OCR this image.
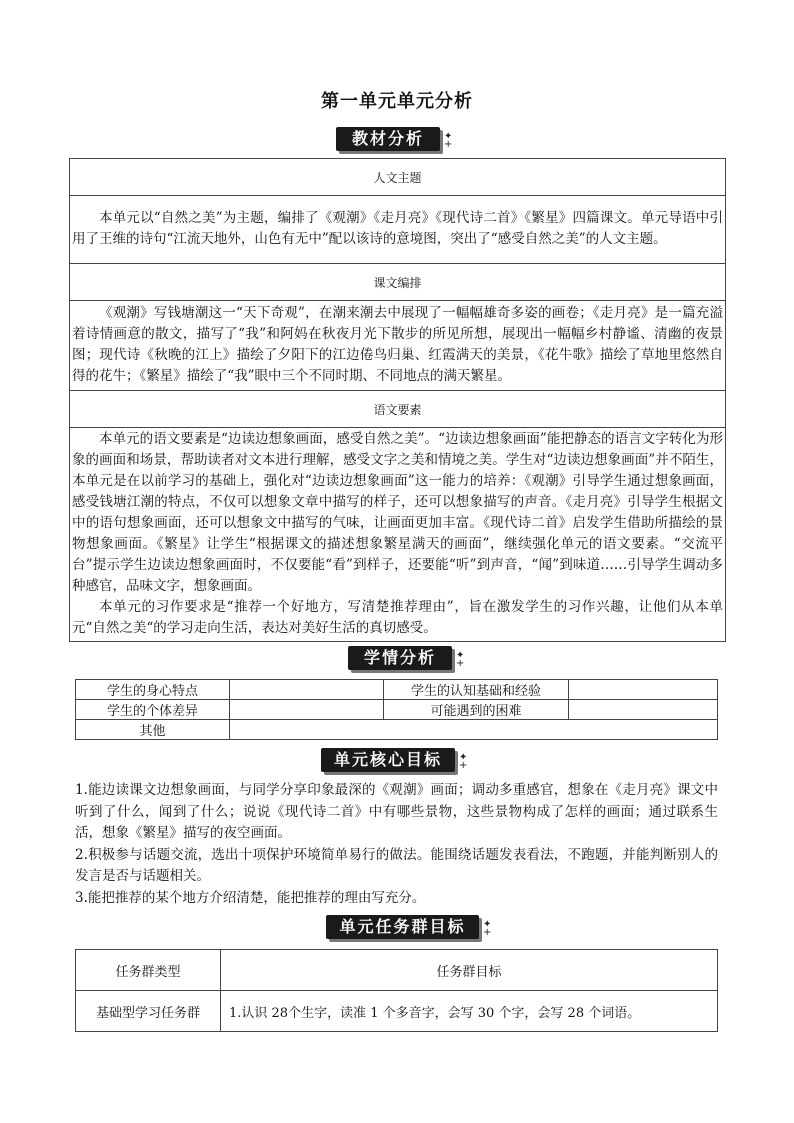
第一单元单元分析
教材分析	✦
+
人文主题

本单元以“自然之美”为主题，编排了《观潮》《走月亮》《现代诗二首》《繁星》四篇课文。单元导语中引用了王维的诗句“江流天地外，山色有无中”配以该诗的意境图，突出了“感受自然之美”的人文主题。

课文编排

《观潮》写钱塘潮这一“天下奇观”，在潮来潮去中展现了一幅幅雄奇多姿的画卷；《走月亮》是一篇充溢着诗情画意的散文，描写了“我”和阿妈在秋夜月光下散步的所见所想，展现出一幅幅乡村静谧、清幽的夜景图；现代诗《秋晚的江上》描绘了夕阳下的江边倦鸟归巢、红霞满天的美景，《花牛歌》描绘了草地里悠然自得的花牛；《繁星》描绘了“我”眼中三个不同时期、不同地点的满天繁星。

语文要素

本单元的语文要素是“边读边想象画面，感受自然之美”。“边读边想象画面”能把静态的语言文字转化为形象的画面和场景，帮助读者对文本进行理解，感受文字之美和情境之美。学生对“边读边想象画面”并不陌生，本单元是在以前学习的基础上，强化对“边读边想象画面”这一能力的培养：《观潮》引导学生通过想象画面，感受钱塘江潮的特点，不仅可以想象文章中描写的样子，还可以想象描写的声音。《走月亮》引导学生根据文中的语句想象画面，还可以想象文中描写的气味，让画面更加丰富。《现代诗二首》启发学生借助所描绘的景物想象画面。《繁星》让学生“根据课文的描述想象繁星满天的画面”，继续强化单元的语文要素。“交流平台”提示学生边读边想象画面时，不仅要能“看”到样子，还要能“听”到声音，“闻”到味道……引导学生调动多种感官，品味文字，想象画面。

本单元的习作要求是“推荐一个好地方，写清楚推荐理由”，旨在激发学生的习作兴趣，让他们从本单元“自然之美“的学习走向生活，表达对美好生活的真切感受。

学情分析	✦
+
学生的身心特点		学生的认知基础和经验	
学生的个体差异		可能遇到的困难	
其他			
单元核心目标	✦
+

1.能边读课文边想象画面，与同学分享印象最深的《观潮》画面；调动多重感官，想象在《走月亮》课文中听到了什么，闻到了什么；说说《现代诗二首》中有哪些景物，这些景物构成了怎样的画面；通过联系生活，想象《繁星》描写的夜空画面。

2.积极参与话题交流，选出十项保护环境简单易行的做法。能围绕话题发表看法，不跑题，并能判断别人的发言是否与话题相关。

3.能把推荐的某个地方介绍清楚，能把推荐的理由写充分。

单元任务群目标	✦
+
任务群类型	任务群目标
基础型学习任务群	1.认识 28个生字，读准 1 个多音字，会写 30 个字，会写 28 个词语。
